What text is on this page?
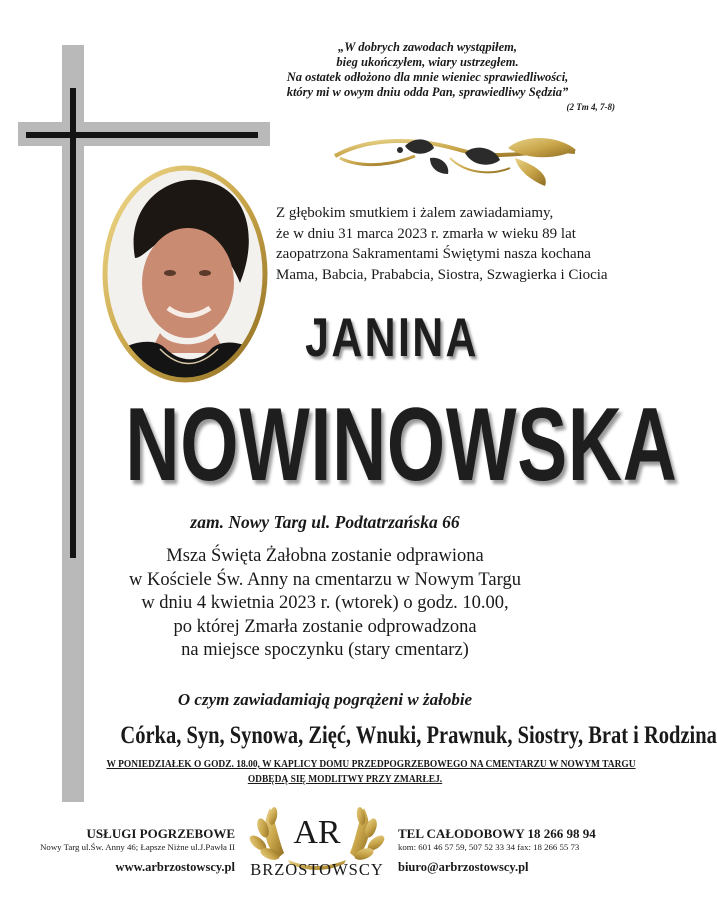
„W dobrych zawodach wystąpiłem,
bieg ukończyłem, wiary ustrzegłem.
Na ostatek odłożono dla mnie wieniec sprawiedliwości,
który mi w owym dniu odda Pan, sprawiedliwy Sędzia”
(2 Tm 4, 7-8)
Z głębokim smutkiem i żalem zawiadamiamy,
że w dniu 31 marca 2023 r. zmarła w wieku 89 lat
zaopatrzona Sakramentami Świętymi nasza kochana
Mama, Babcia, Prababcia, Siostra, Szwagierka i Ciocia
JANINA
NOWINOWSKA
zam. Nowy Targ ul. Podtatrzańska 66
Msza Święta Żałobna zostanie odprawiona
w Kościele Św. Anny na cmentarzu w Nowym Targu
w dniu 4 kwietnia 2023 r. (wtorek) o godz. 10.00,
po której Zmarła zostanie odprowadzona
na miejsce spoczynku (stary cmentarz)
O czym zawiadamiają pogrążeni w żałobie
Córka, Syn, Synowa, Zięć, Wnuki, Prawnuk, Siostry, Brat i Rodzina
W PONIEDZIAŁEK O GODZ. 18.00, W KAPLICY DOMU PRZEDPOGRZEBOWEGO NA CMENTARZU W NOWYM TARGU
ODBĘDĄ SIĘ MODLITWY PRZY ZMARŁEJ.
USŁUGI POGRZEBOWE
Nowy Targ ul.Św. Anny 46; Łapsze Niżne ul.J.Pawła II
www.arbrzostowscy.pl
AR
BRZOSTOWSCY
TEL CAŁODOBOWY 18 266 98 94
kom: 601 46 57 59, 507 52 33 34 fax: 18 266 55 73
biuro@arbrzostowscy.pl
